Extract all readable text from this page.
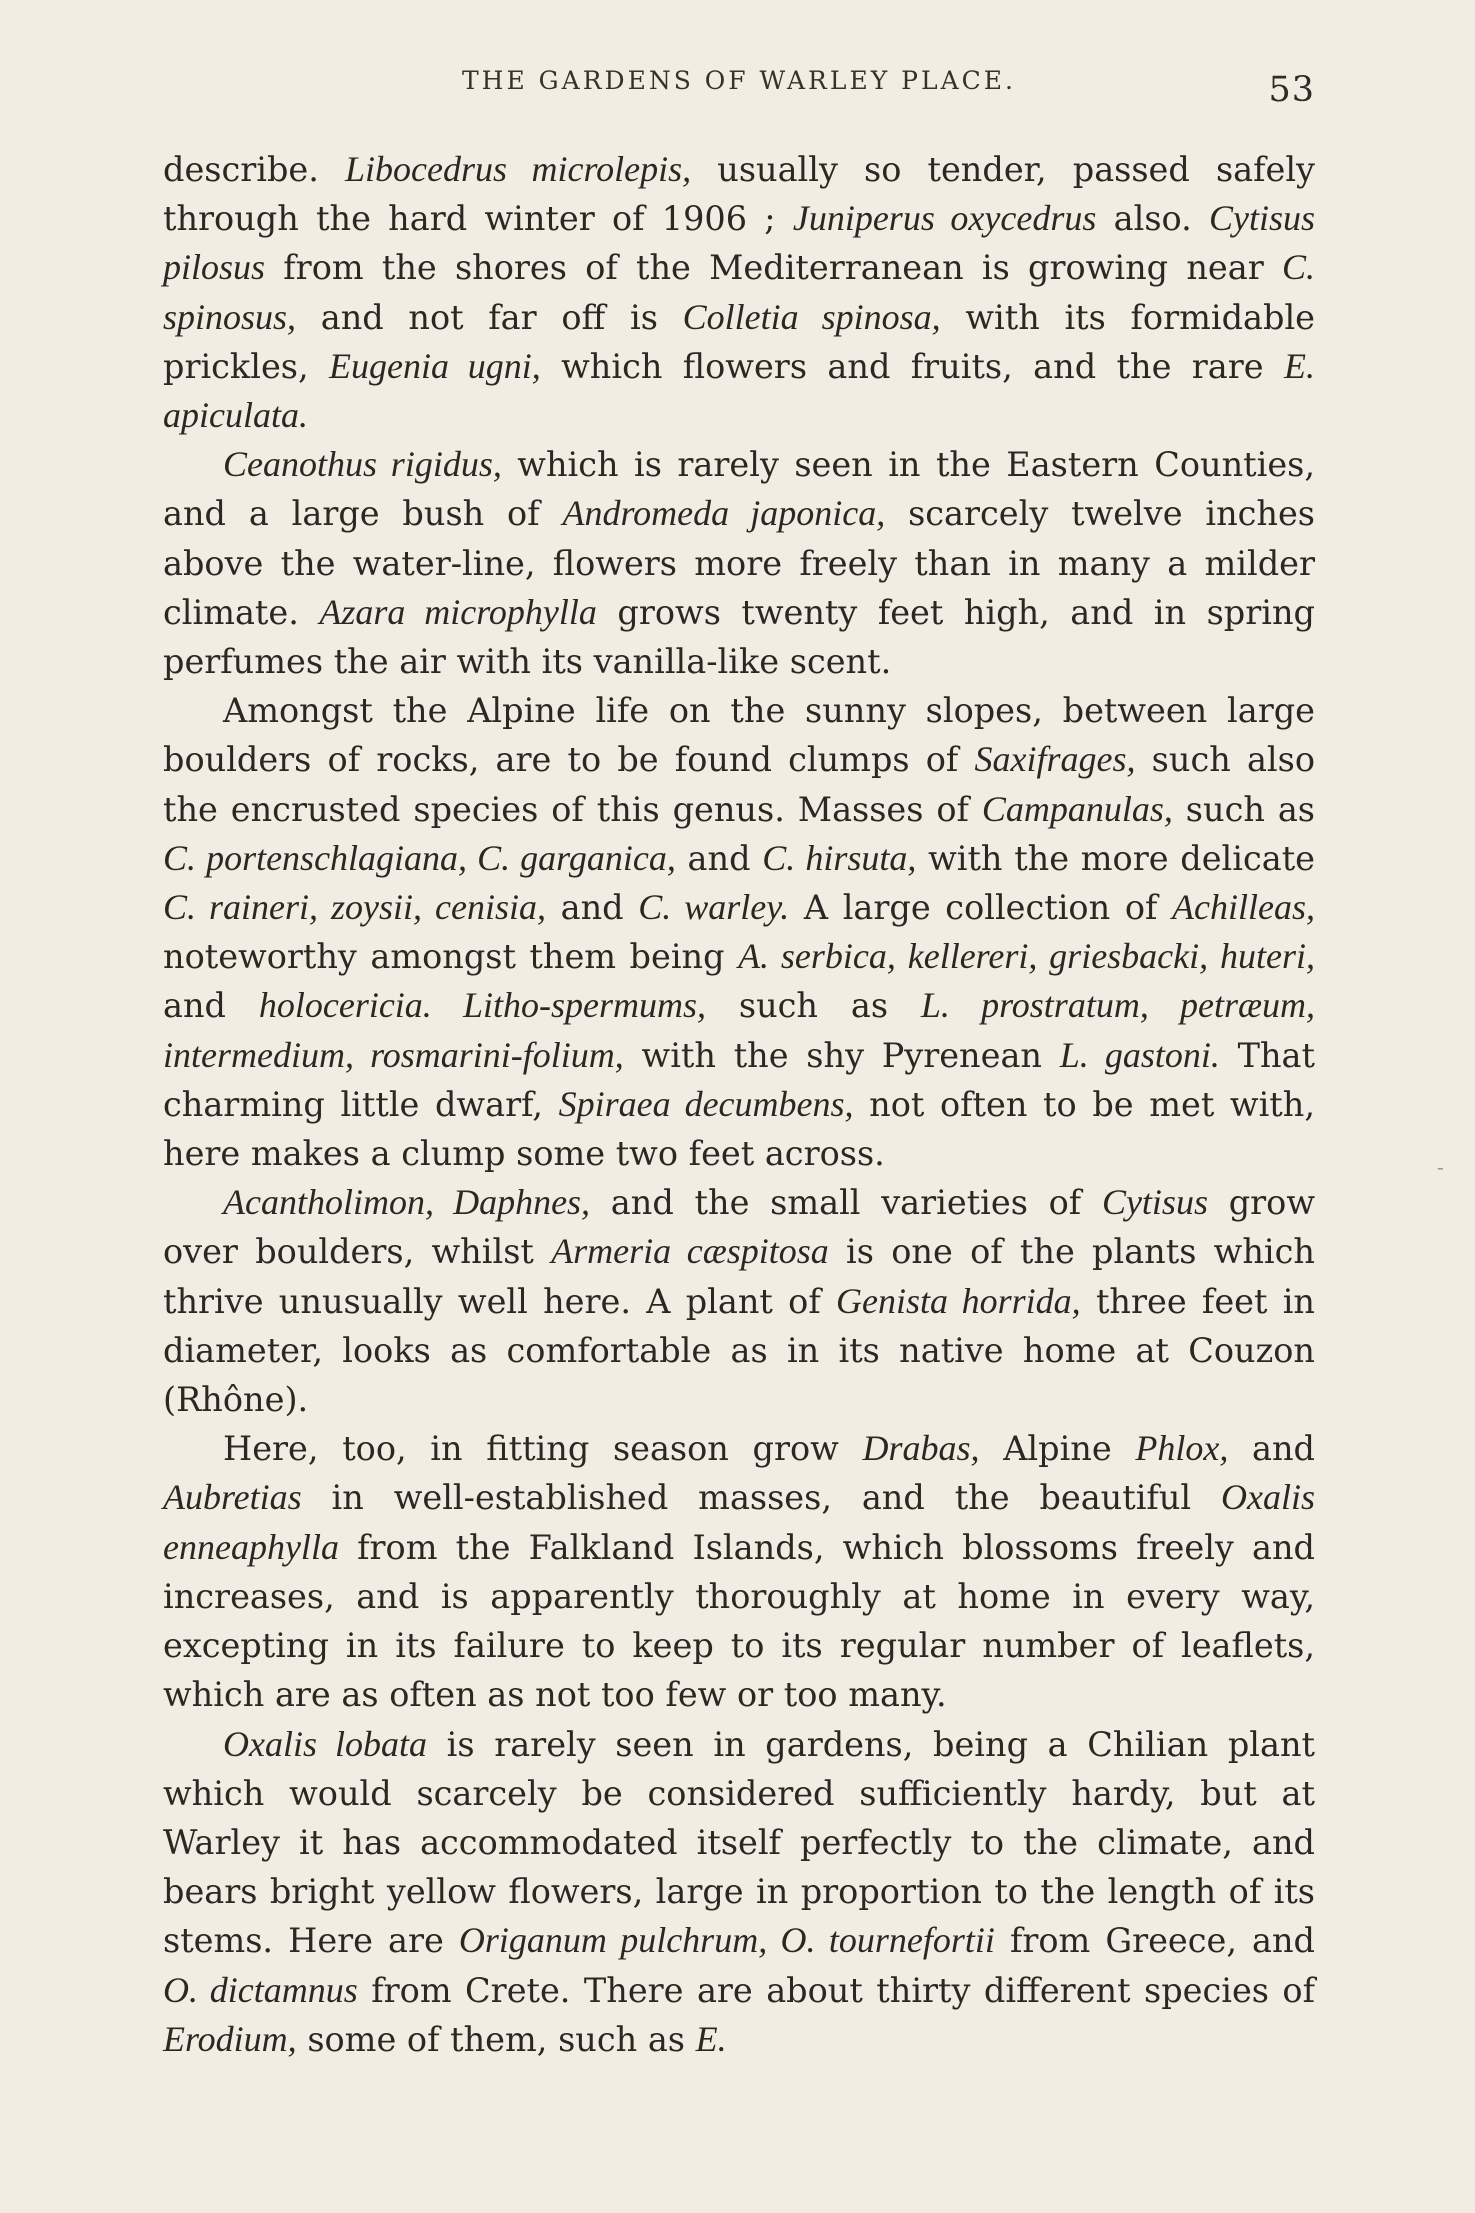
THE GARDENS OF WARLEY PLACE.	53

describe. Libocedrus microlepis, usually so tender, passed safely through the hard winter of 1906 ; Juniperus oxycedrus also. Cytisus pilosus from the shores of the Mediterranean is growing near C. spinosus, and not far off is Colletia spinosa, with its formidable prickles, Eugenia ugni, which flowers and fruits, and the rare E. apiculata.

Ceanothus rigidus, which is rarely seen in the Eastern Counties, and a large bush of Andromeda japonica, scarcely twelve inches above the water-line, flowers more freely than in many a milder climate. Azara microphylla grows twenty feet high, and in spring perfumes the air with its vanilla-like scent.

Amongst the Alpine life on the sunny slopes, between large boulders of rocks, are to be found clumps of Saxifrages, such also the encrusted species of this genus. Masses of Campanulas, such as C. portenschlagiana, C. garganica, and C. hirsuta, with the more delicate C. raineri, zoysii, cenisia, and C. warley. A large collection of Achilleas, noteworthy amongst them being A. serbica, kellereri, griesbacki, huteri, and holocericia. Litho-spermums, such as L. prostratum, petræum, intermedium, rosmarini-folium, with the shy Pyrenean L. gastoni. That charming little dwarf, Spiraea decumbens, not often to be met with, here makes a clump some two feet across.

Acantholimon, Daphnes, and the small varieties of Cytisus grow over boulders, whilst Armeria cæspitosa is one of the plants which thrive unusually well here. A plant of Genista horrida, three feet in diameter, looks as comfortable as in its native home at Couzon (Rhône).

Here, too, in fitting season grow Drabas, Alpine Phlox, and Aubretias in well-established masses, and the beautiful Oxalis enneaphylla from the Falkland Islands, which blossoms freely and increases, and is apparently thoroughly at home in every way, excepting in its failure to keep to its regular number of leaflets, which are as often as not too few or too many.

Oxalis lobata is rarely seen in gardens, being a Chilian plant which would scarcely be considered sufficiently hardy, but at Warley it has accommodated itself perfectly to the climate, and bears bright yellow flowers, large in proportion to the length of its stems. Here are Origanum pulchrum, O. tournefortii from Greece, and O. dictamnus from Crete. There are about thirty different species of Erodium, some of them, such as E.

-
